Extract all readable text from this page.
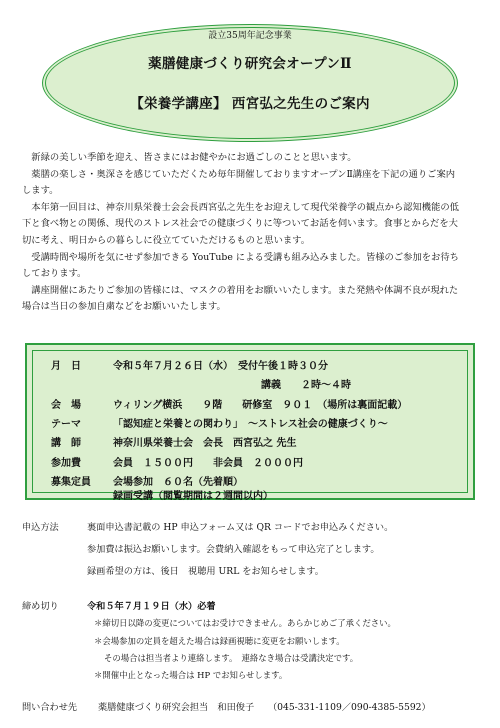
設立35周年記念事業
薬膳健康づくり研究会オープンⅡ
【栄養学講座】 西宮弘之先生のご案内
　新緑の美しい季節を迎え、皆さまにはお健やかにお過ごしのことと思います。
　薬膳の楽しさ・奥深さを感じていただくため毎年開催しておりますオープンⅡ講座を下記の通りご案内
します。
　本年第一回目は、神奈川県栄養士会会長西宮弘之先生をお迎えして現代栄養学の観点から認知機能の低
下と食べ物との関係、現代のストレス社会での健康づくりに等ついてお話を伺います。食事とからだを大
切に考え、明日からの暮らしに役立てていただけるものと思います。
　受講時間や場所を気にせず参加できる YouTube による受講も組み込みました。皆様のご参加をお待ち
しております。
　講座開催にあたりご参加の皆様には、マスクの着用をお願いいたします。また発熱や体調不良が現れた
場合は当日の参加自粛などをお願いいたします。
月　日	令和５年７月２６日（水）　受付午後１時３０分
講義　　２時〜４時
会　場	ウィリング横浜　　９階　　研修室　９０１　（場所は裏面記載）
テーマ	「認知症と栄養との関わり」　〜ストレス社会の健康づくり〜
講　師	神奈川県栄養士会　会長　西宮弘之 先生
参加費	会員　１５００円　　非会員　２０００円
募集定員 会場参加　６０名（先着順）
録画受講（閲覧期間は２週間以内）
申込方法	裏面申込書記載の HP 申込フォーム又は QR コードでお申込みください。
参加費は振込お願いします。会費納入確認をもって申込完了とします。
録画希望の方は、後日　視聴用 URL をお知らせします。
締め切り	令和５年７月１９日（水）必着
＊締切日以降の変更についてはお受けできません。あらかじめご了承ください。
＊会場参加の定員を超えた場合は録画視聴に変更をお願いします。
その場合は担当者より連絡します。　連絡なき場合は受講決定です。
＊開催中止となった場合は HP でお知らせします。
問い合わせ先 薬膳健康づくり研究会担当　和田俊子　　（045-331-1109／090-4385-5592）
